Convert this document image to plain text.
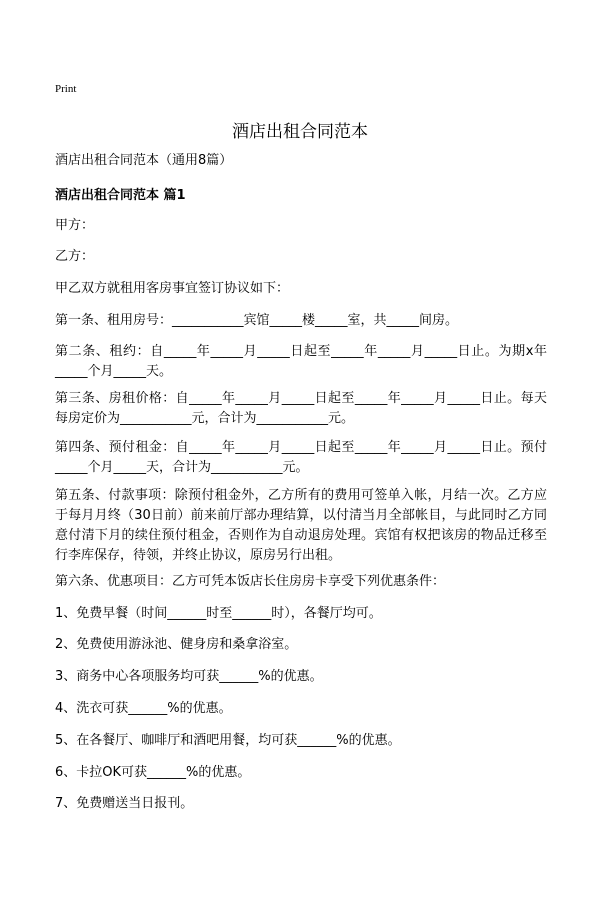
Print
酒店出租合同范本

酒店出租合同范本（通用8篇）

酒店出租合同范本 篇1

甲方：

乙方：

甲乙双方就租用客房事宜签订协议如下：

第一条、租用房号：___________宾馆_____楼_____室，共_____间房。

第二条、租约：自_____年_____月_____日起至_____年_____月_____日止。为期x年_____个月_____天。

第三条、房租价格：自_____年_____月_____日起至_____年_____月_____日止。每天每房定价为___________元，合计为___________元。

第四条、预付租金：自_____年_____月_____日起至_____年_____月_____日止。预付_____个月_____天，合计为___________元。

第五条、付款事项：除预付租金外，乙方所有的费用可签单入帐，月结一次。乙方应于每月月终（30日前）前来前厅部办理结算，以付清当月全部帐目，与此同时乙方同意付清下月的续住预付租金，否则作为自动退房处理。宾馆有权把该房的物品迁移至行李库保存，待领，并终止协议，原房另行出租。

第六条、优惠项目：乙方可凭本饭店长住房房卡享受下列优惠条件：

1、免费早餐（时间______时至______时），各餐厅均可。

2、免费使用游泳池、健身房和桑拿浴室。

3、商务中心各项服务均可获______%的优惠。

4、洗衣可获______%的优惠。

5、在各餐厅、咖啡厅和酒吧用餐，均可获______%的优惠。

6、卡拉OK可获______%的优惠。

7、免费赠送当日报刊。
